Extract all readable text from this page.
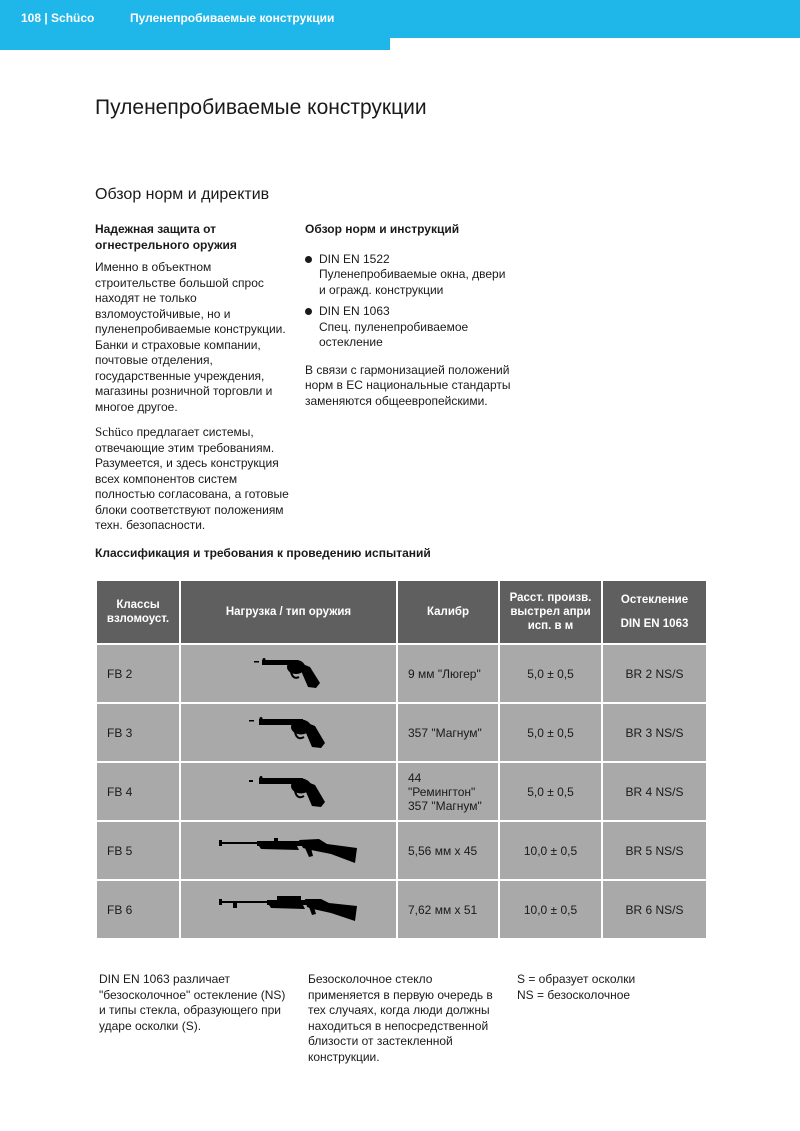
108 | Schüco	Пуленепробиваемые конструкции
Пуленепробиваемые конструкции
Обзор норм и директив
Надежная защита от огнестрельного оружия

Именно в объектном строительстве большой спрос находят не только взломоустойчивые, но и пуленепробиваемые конструкции. Банки и страховые компании, почтовые отделения, государственные учреждения, магазины розничной торговли и многое другое.

Schüco предлагает системы, отвечающие этим требованиям. Разумеется, и здесь конструкция всех компонентов систем полностью согласована, а готовые блоки соответствуют положениям техн. безопасности.

Обзор норм и инструкций
DIN EN 1522
Пуленепробиваемые окна, двери и огражд. конструкции
DIN EN 1063
Спец. пуленепробиваемое остекление

В связи с гармонизацией положений норм в ЕС национальные стандарты заменяются общеевропейскими.

Классификация и требования к проведению испытаний
Классы взломоуст.	Нагрузка / тип оружия	Калибр	Расст. произв. выстрел апри исп. в м	Остекление
DIN EN 1063

FB 2		9 мм "Люгер"	5,0 ± 0,5	BR 2 NS/S
FB 3		357 "Магнум"	5,0 ± 0,5	BR 3 NS/S
FB 4		44 "Ремингтон"
357 "Магнум"	5,0 ± 0,5	BR 4 NS/S
FB 5		5,56 мм х 45	10,0 ± 0,5	BR 5 NS/S
FB 6		7,62 мм х 51	10,0 ± 0,5	BR 6 NS/S

DIN EN 1063 различает "безосколочное" остекление (NS) и типы стекла, образующего при ударе осколки (S).

Безосколочное стекло применяется в первую очередь в тех случаях, когда люди должны находиться в непосредственной близости от застекленной конструкции.

S = образует осколки
NS = безосколочное
